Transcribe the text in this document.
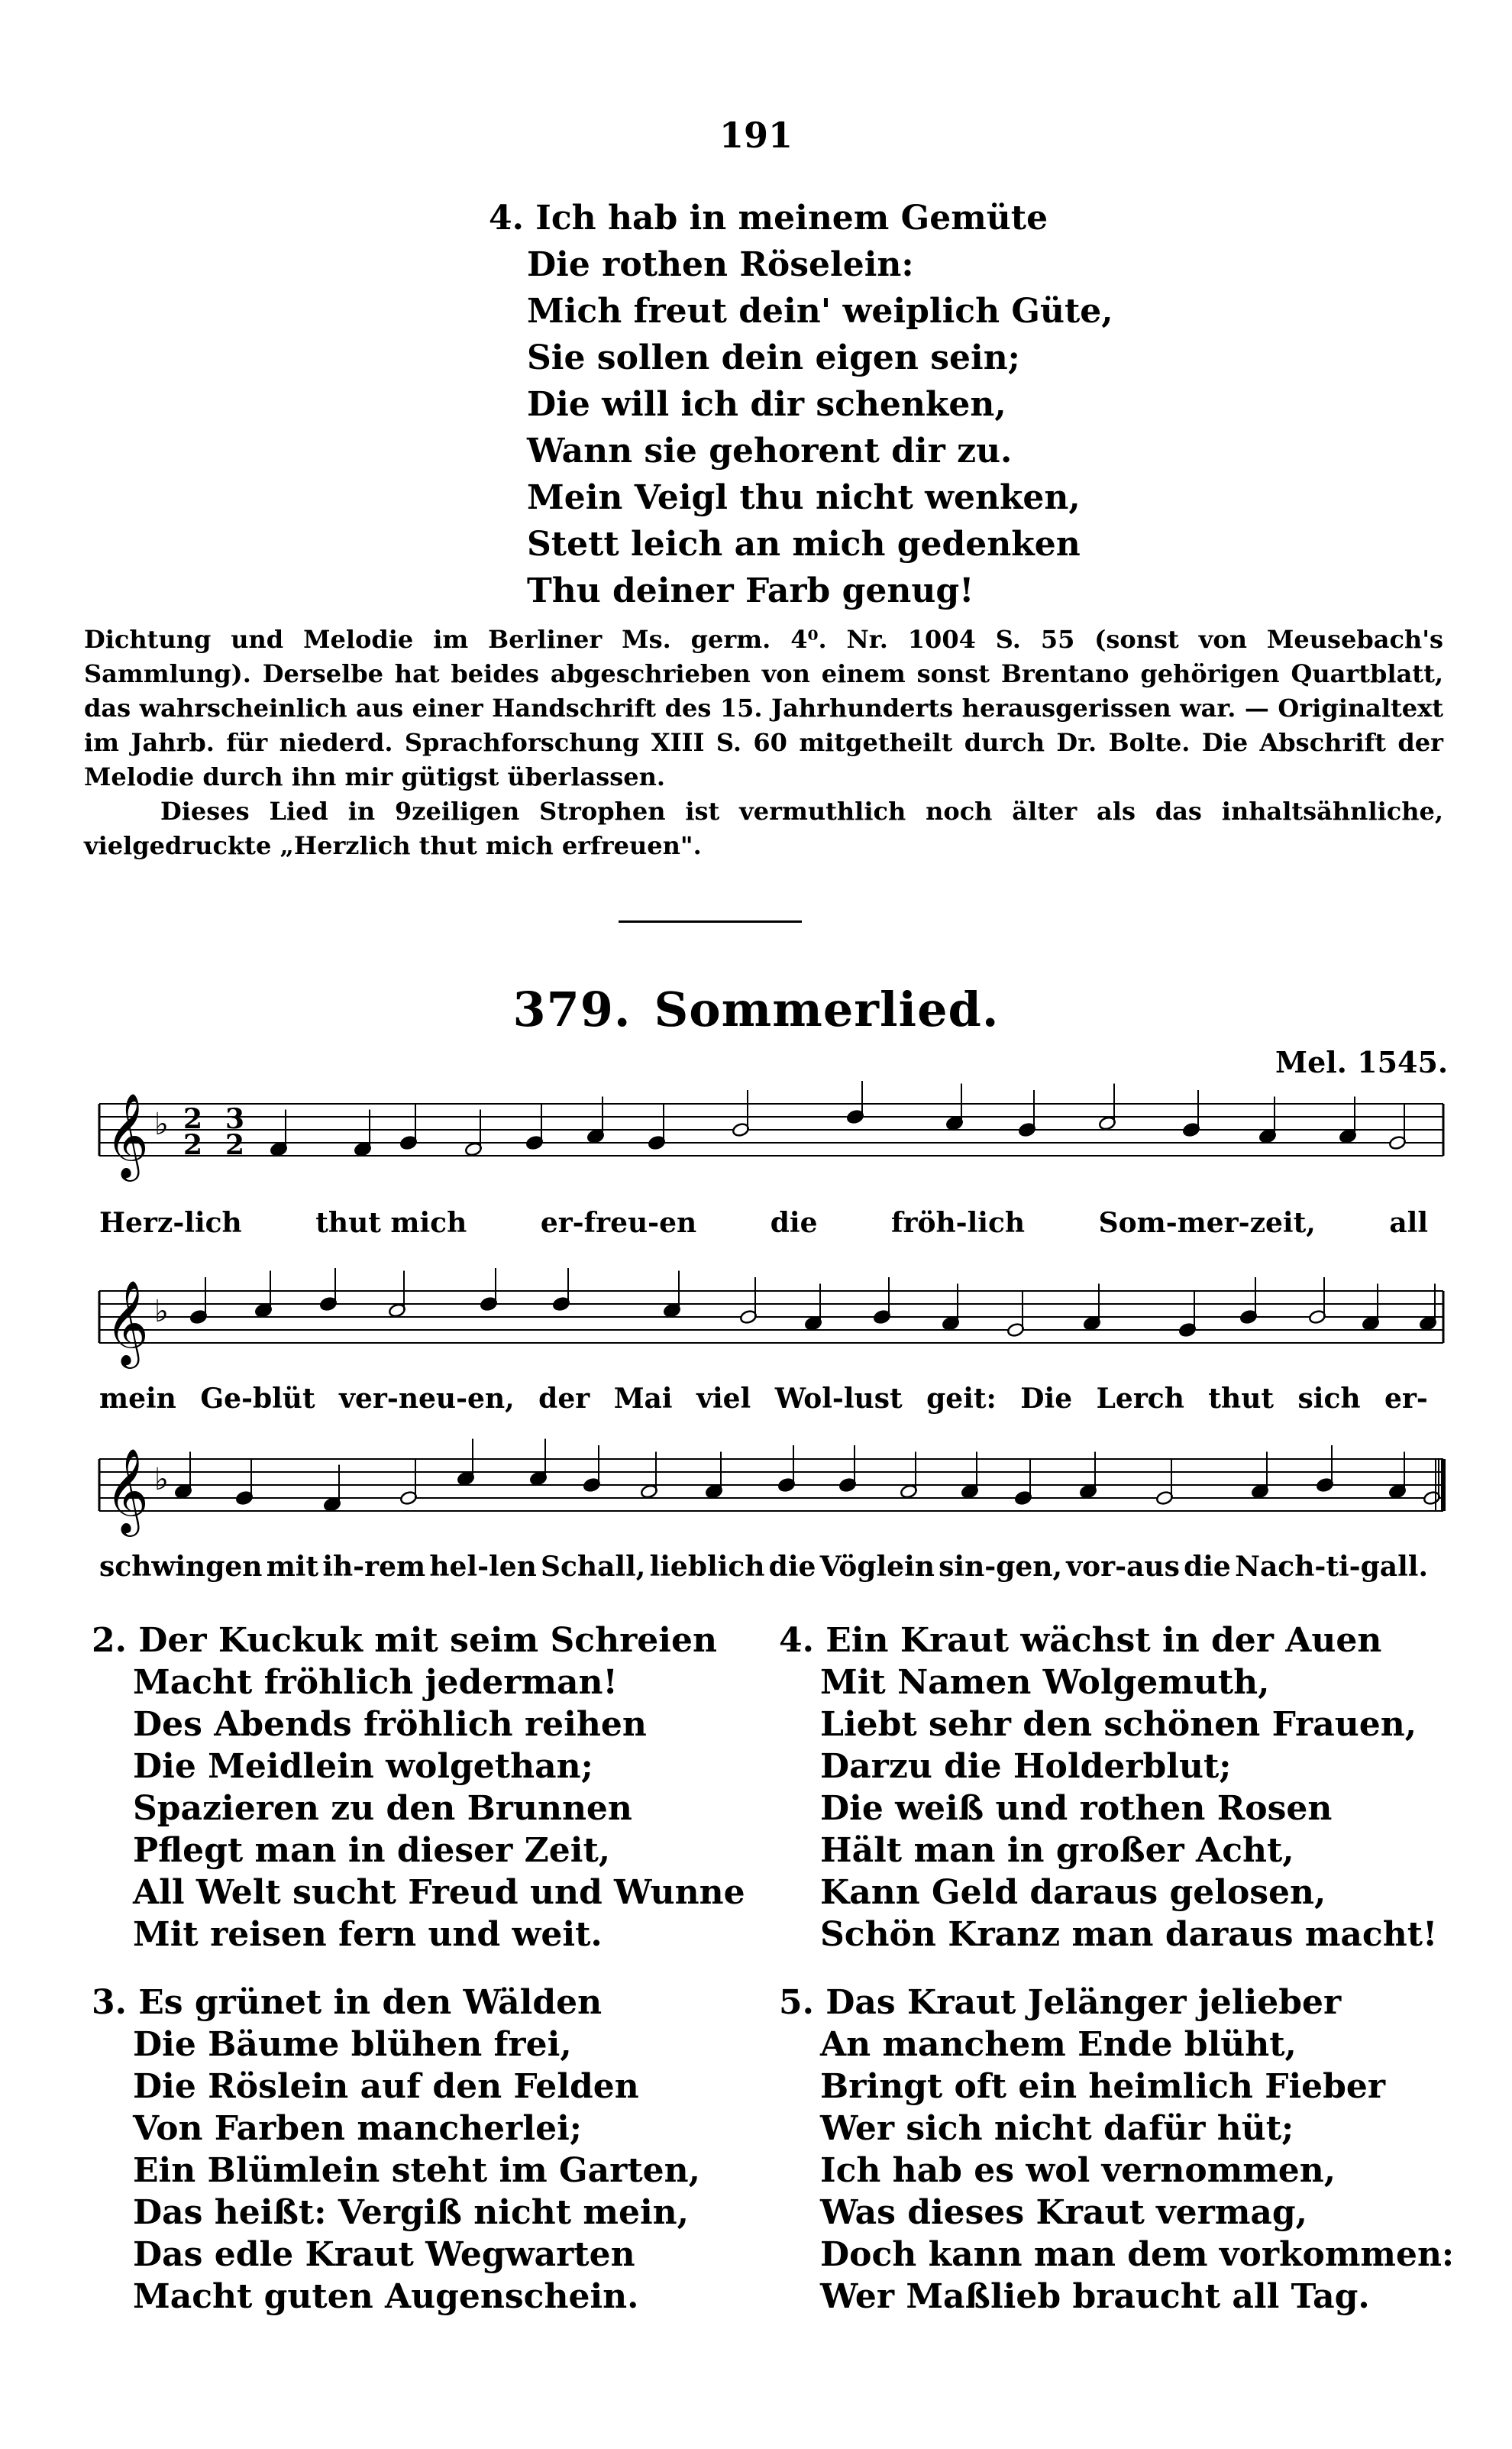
191
4. Ich hab in meinem Gemüte
Die rothen Röselein:
Mich freut dein' weiplich Güte,
Sie sollen dein eigen sein;
Die will ich dir schenken,
Wann sie gehorent dir zu.
Mein Veigl thu nicht wenken,
Stett leich an mich gedenken
Thu deiner Farb genug!

Dichtung und Melodie im Berliner Ms. germ. 4⁰. Nr. 1004 S. 55 (sonst von Meusebach's Sammlung). Derselbe hat beides abgeschrieben von einem sonst Brentano gehörigen Quartblatt, das wahrscheinlich aus einer Handschrift des 15. Jahrhunderts herausgerissen war. — Originaltext im Jahrb. für niederd. Sprachforschung XIII S. 60 mitgetheilt durch Dr. Bolte. Die Abschrift der Melodie durch ihn mir gütigst überlassen.

Dieses Lied in 9zeiligen Strophen ist vermuthlich noch älter als das inhaltsähnliche, vielgedruckte „Herzlich thut mich erfreuen".

379. Sommerlied.
Mel. 1545.
𝄞 ♭ 2
2
3
2
Herz-lich	thut mich	er-freu-en	die	fröh-lich	Som-mer-zeit,	all
𝄞 ♭
mein Ge-blüt ver-neu-en, der Mai viel Wol-lust geit: Die Lerch thut sich er-
𝄞 ♭
schwingen mit ih-rem hel-len Schall, lieblich die Vöglein sin-gen, vor-aus die Nach-ti-gall.
2. Der Kuckuk mit seim Schreien
Macht fröhlich jederman!
Des Abends fröhlich reihen
Die Meidlein wolgethan;
Spazieren zu den Brunnen
Pflegt man in dieser Zeit,
All Welt sucht Freud und Wunne
Mit reisen fern und weit.
3. Es grünet in den Wälden
Die Bäume blühen frei,
Die Röslein auf den Felden
Von Farben mancherlei;
Ein Blümlein steht im Garten,
Das heißt: Vergiß nicht mein,
Das edle Kraut Wegwarten
Macht guten Augenschein.
4. Ein Kraut wächst in der Auen
Mit Namen Wolgemuth,
Liebt sehr den schönen Frauen,
Darzu die Holderblut;
Die weiß und rothen Rosen
Hält man in großer Acht,
Kann Geld daraus gelosen,
Schön Kranz man daraus macht!
5. Das Kraut Jelänger jelieber
An manchem Ende blüht,
Bringt oft ein heimlich Fieber
Wer sich nicht dafür hüt;
Ich hab es wol vernommen,
Was dieses Kraut vermag,
Doch kann man dem vorkommen:
Wer Maßlieb braucht all Tag.
